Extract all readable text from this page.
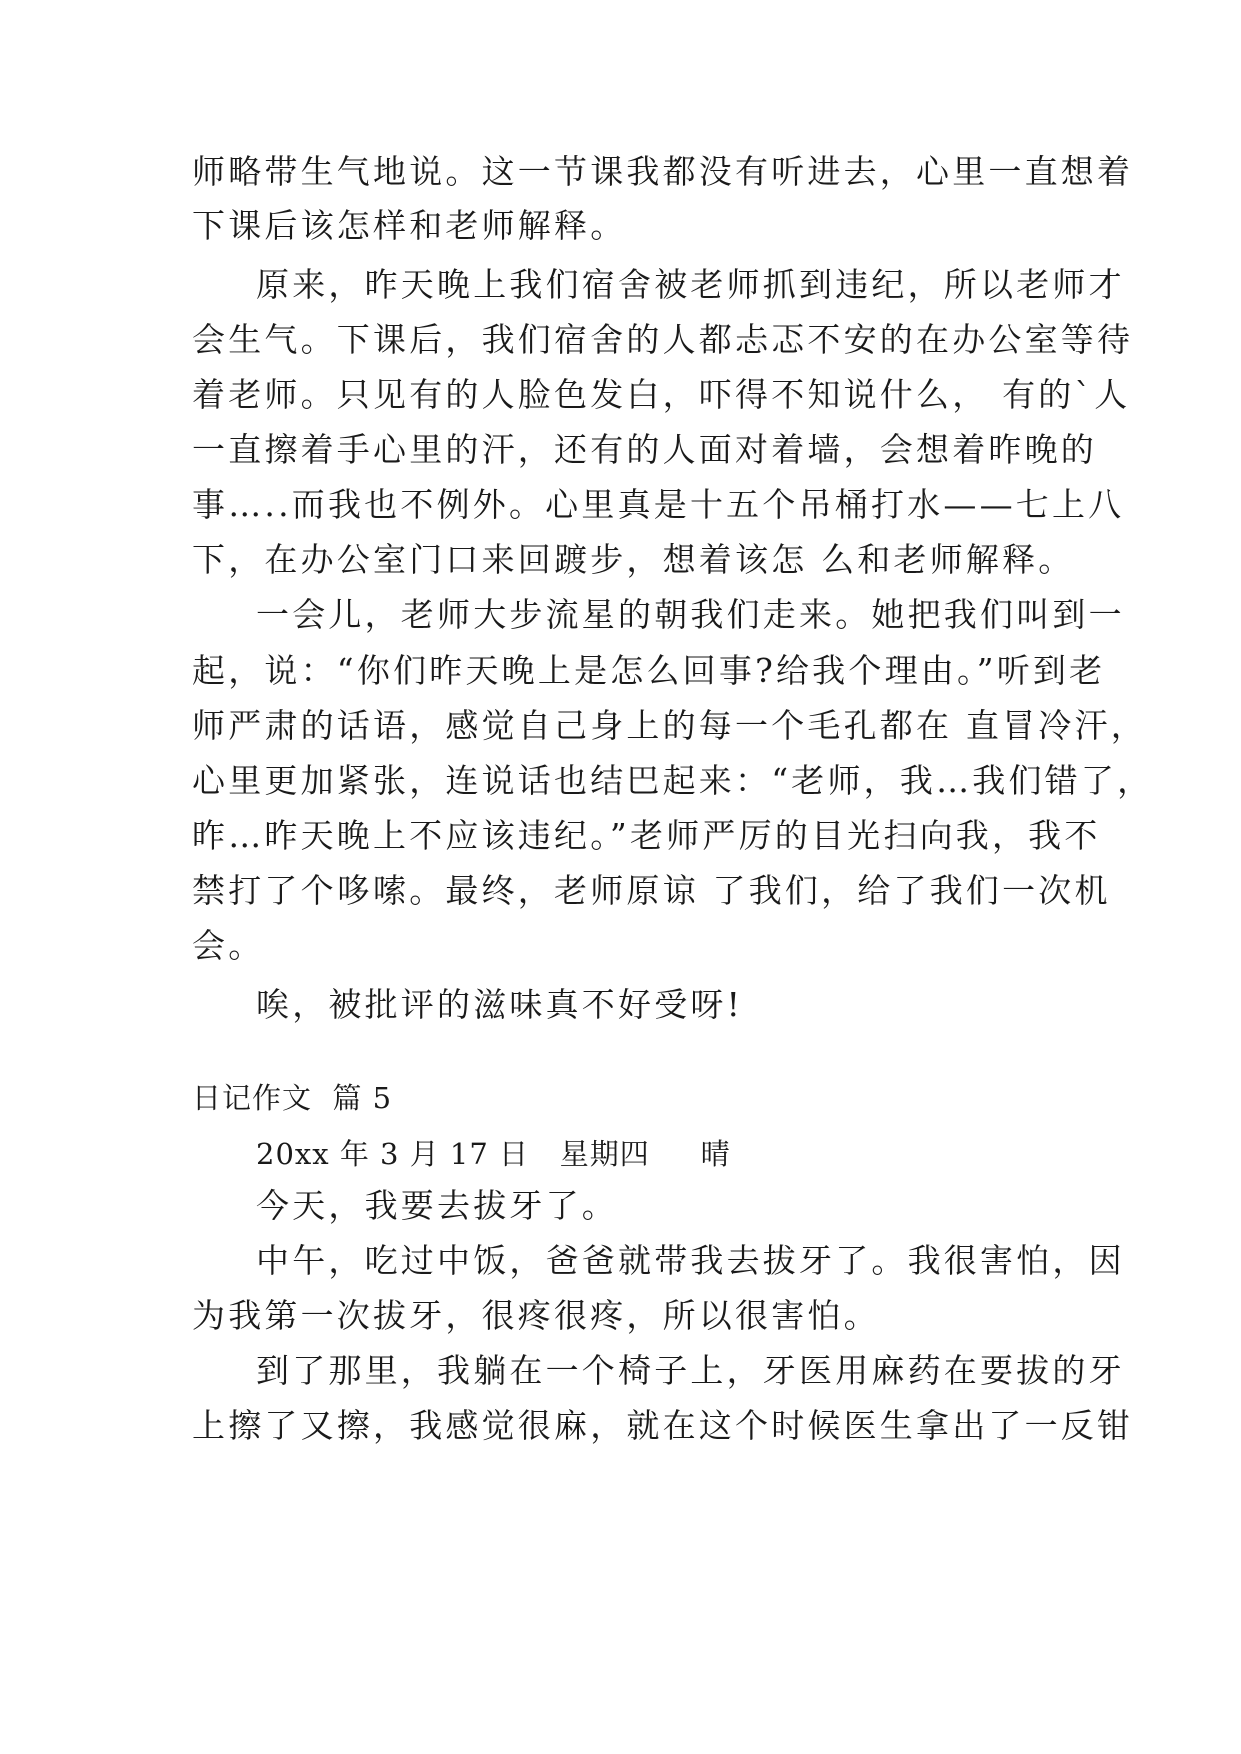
师略带生气地说。这一节课我都没有听进去，心里一直想着
下课后该怎样和老师解释。
原来，昨天晚上我们宿舍被老师抓到违纪，所以老师才
会生气。下课后，我们宿舍的人都忐忑不安的在办公室等待
着老师。只见有的人脸色发白，吓得不知说什么， 有的`人
一直擦着手心里的汗，还有的人面对着墙，会想着昨晚的
事…..而我也不例外。心里真是十五个吊桶打水——七上八
下，在办公室门口来回踱步，想着该怎 么和老师解释。
一会儿，老师大步流星的朝我们走来。她把我们叫到一
起，说：“你们昨天晚上是怎么回事?给我个理由。”听到老
师严肃的话语，感觉自己身上的每一个毛孔都在 直冒冷汗，
心里更加紧张，连说话也结巴起来：“老师，我…我们错了，
昨…昨天晚上不应该违纪。”老师严厉的目光扫向我，我不
禁打了个哆嗦。最终，老师原谅 了我们，给了我们一次机
会。
唉，被批评的滋味真不好受呀!
日记作文  篇 5
20xx 年 3 月 17 日   星期四     晴
今天，我要去拔牙了。
中午，吃过中饭，爸爸就带我去拔牙了。我很害怕，因
为我第一次拔牙，很疼很疼，所以很害怕。
到了那里，我躺在一个椅子上，牙医用麻药在要拔的牙
上擦了又擦，我感觉很麻，就在这个时候医生拿出了一反钳
